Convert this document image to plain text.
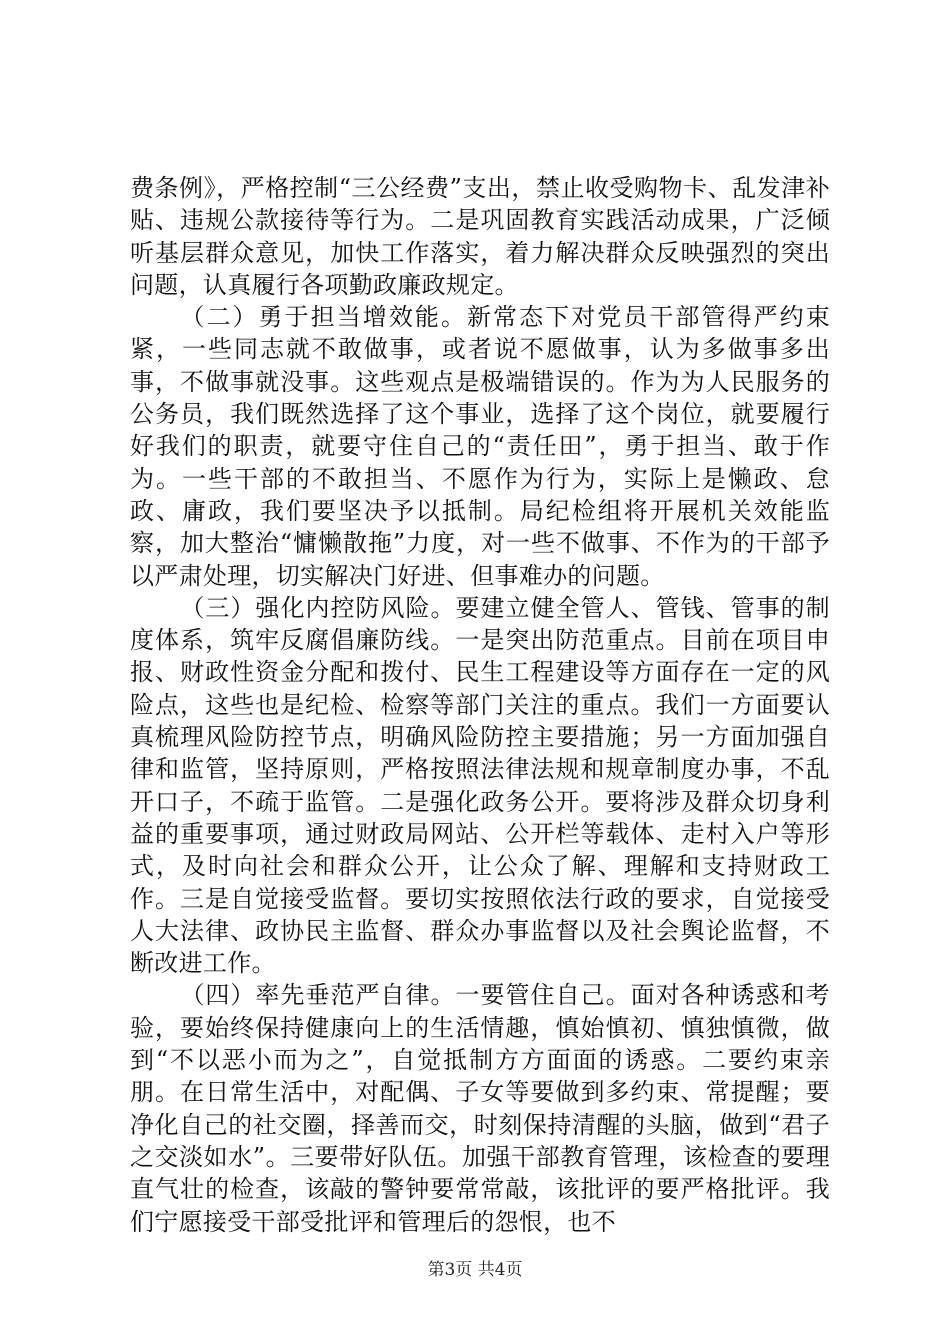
费条例》，严格控制“三公经费”支出，禁止收受购物卡、乱发津补贴、违规公款接待等行为。二是巩固教育实践活动成果，广泛倾听基层群众意见，加快工作落实，着力解决群众反映强烈的突出问题，认真履行各项勤政廉政规定。

（二）勇于担当增效能。新常态下对党员干部管得严约束紧，一些同志就不敢做事，或者说不愿做事，认为多做事多出事，不做事就没事。这些观点是极端错误的。作为为人民服务的公务员，我们既然选择了这个事业，选择了这个岗位，就要履行好我们的职责，就要守住自己的“责任田”，勇于担当、敢于作为。一些干部的不敢担当、不愿作为行为，实际上是懒政、怠政、庸政，我们要坚决予以抵制。局纪检组将开展机关效能监察，加大整治“慵懒散拖”力度，对一些不做事、不作为的干部予以严肃处理，切实解决门好进、但事难办的问题。

（三）强化内控防风险。要建立健全管人、管钱、管事的制度体系，筑牢反腐倡廉防线。一是突出防范重点。目前在项目申报、财政性资金分配和拨付、民生工程建设等方面存在一定的风险点，这些也是纪检、检察等部门关注的重点。我们一方面要认真梳理风险防控节点，明确风险防控主要措施；另一方面加强自律和监管，坚持原则，严格按照法律法规和规章制度办事，不乱开口子，不疏于监管。二是强化政务公开。要将涉及群众切身利益的重要事项，通过财政局网站、公开栏等载体、走村入户等形式，及时向社会和群众公开，让公众了解、理解和支持财政工作。三是自觉接受监督。要切实按照依法行政的要求，自觉接受人大法律、政协民主监督、群众办事监督以及社会舆论监督，不断改进工作。

（四）率先垂范严自律。一要管住自己。面对各种诱惑和考验，要始终保持健康向上的生活情趣，慎始慎初、慎独慎微，做到“不以恶小而为之”，自觉抵制方方面面的诱惑。二要约束亲朋。在日常生活中，对配偶、子女等要做到多约束、常提醒；要净化自己的社交圈，择善而交，时刻保持清醒的头脑，做到“君子之交淡如水”。三要带好队伍。加强干部教育管理，该检查的要理直气壮的检查，该敲的警钟要常常敲，该批评的要严格批评。我们宁愿接受干部受批评和管理后的怨恨，也不

第3页 共4页
